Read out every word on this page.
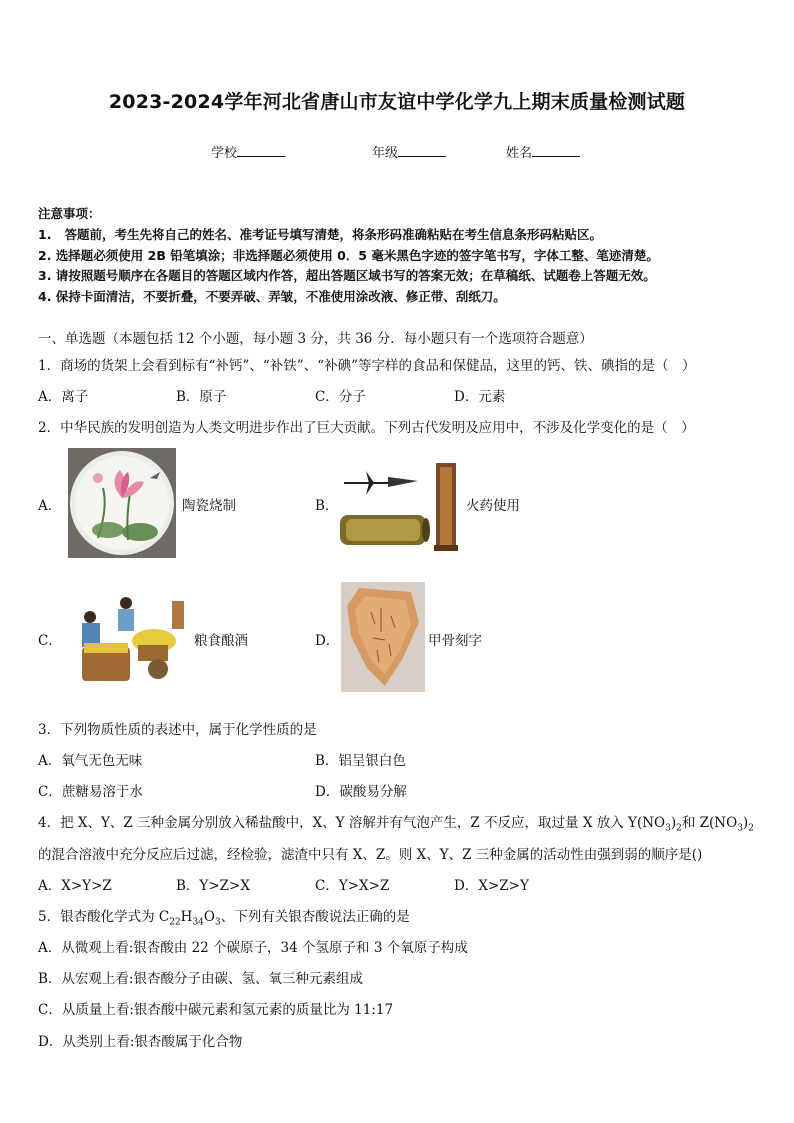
2023-2024学年河北省唐山市友谊中学化学九上期末质量检测试题
学校	年级	姓名
注意事项：
1.   答题前，考生先将自己的姓名、准考证号填写清楚，将条形码准确粘贴在考生信息条形码粘贴区。
2. 选择题必须使用 2B 铅笔填涂；非选择题必须使用 0．5 毫米黑色字迹的签字笔书写，字体工整、笔迹清楚。
3. 请按照题号顺序在各题目的答题区域内作答，超出答题区域书写的答案无效；在草稿纸、试题卷上答题无效。
4. 保持卡面清洁，不要折叠，不要弄破、弄皱，不准使用涂改液、修正带、刮纸刀。
一、单选题（本题包括 12 个小题，每小题 3 分，共 36 分．每小题只有一个选项符合题意）
1．商场的货架上会看到标有“补钙”、“补铁”、“补碘”等字样的食品和保健品，这里的钙、铁、碘指的是（　）
A．离子	B．原子	C．分子	D．元素
2．中华民族的发明创造为人类文明进步作出了巨大贡献。下列古代发明及应用中，不涉及化学变化的是（　）
A．	陶瓷烧制	B．	火药使用
C．	粮食酿酒	D．	甲骨刻字
3．下列物质性质的表述中，属于化学性质的是
A．氧气无色无味	B．铝呈银白色
C．蔗糖易溶于水	D．碳酸易分解
4．把 X、Y、Z 三种金属分别放入稀盐酸中，X、Y 溶解并有气泡产生，Z 不反应，取过量 X 放入 $Y(NO_3)_2$和 $Z(NO_3)_2$
的混合溶液中充分反应后过滤，经检验，滤渣中只有 X、Z。则 X、Y、Z 三种金属的活动性由强到弱的顺序是()
A．X>Y>Z	B．Y>Z>X	C．Y>X>Z	D．X>Z>Y
5．银杏酸化学式为 $C_{22}H_{34}O_3$、下列有关银杏酸说法正确的是
A．从微观上看:银杏酸由 22 个碳原子，34 个氢原子和 3 个氧原子构成
B．从宏观上看:银杏酸分子由碳、氢、氧三种元素组成
C．从质量上看:银杏酸中碳元素和氢元素的质量比为 11:17
D．从类别上看:银杏酸属于化合物
